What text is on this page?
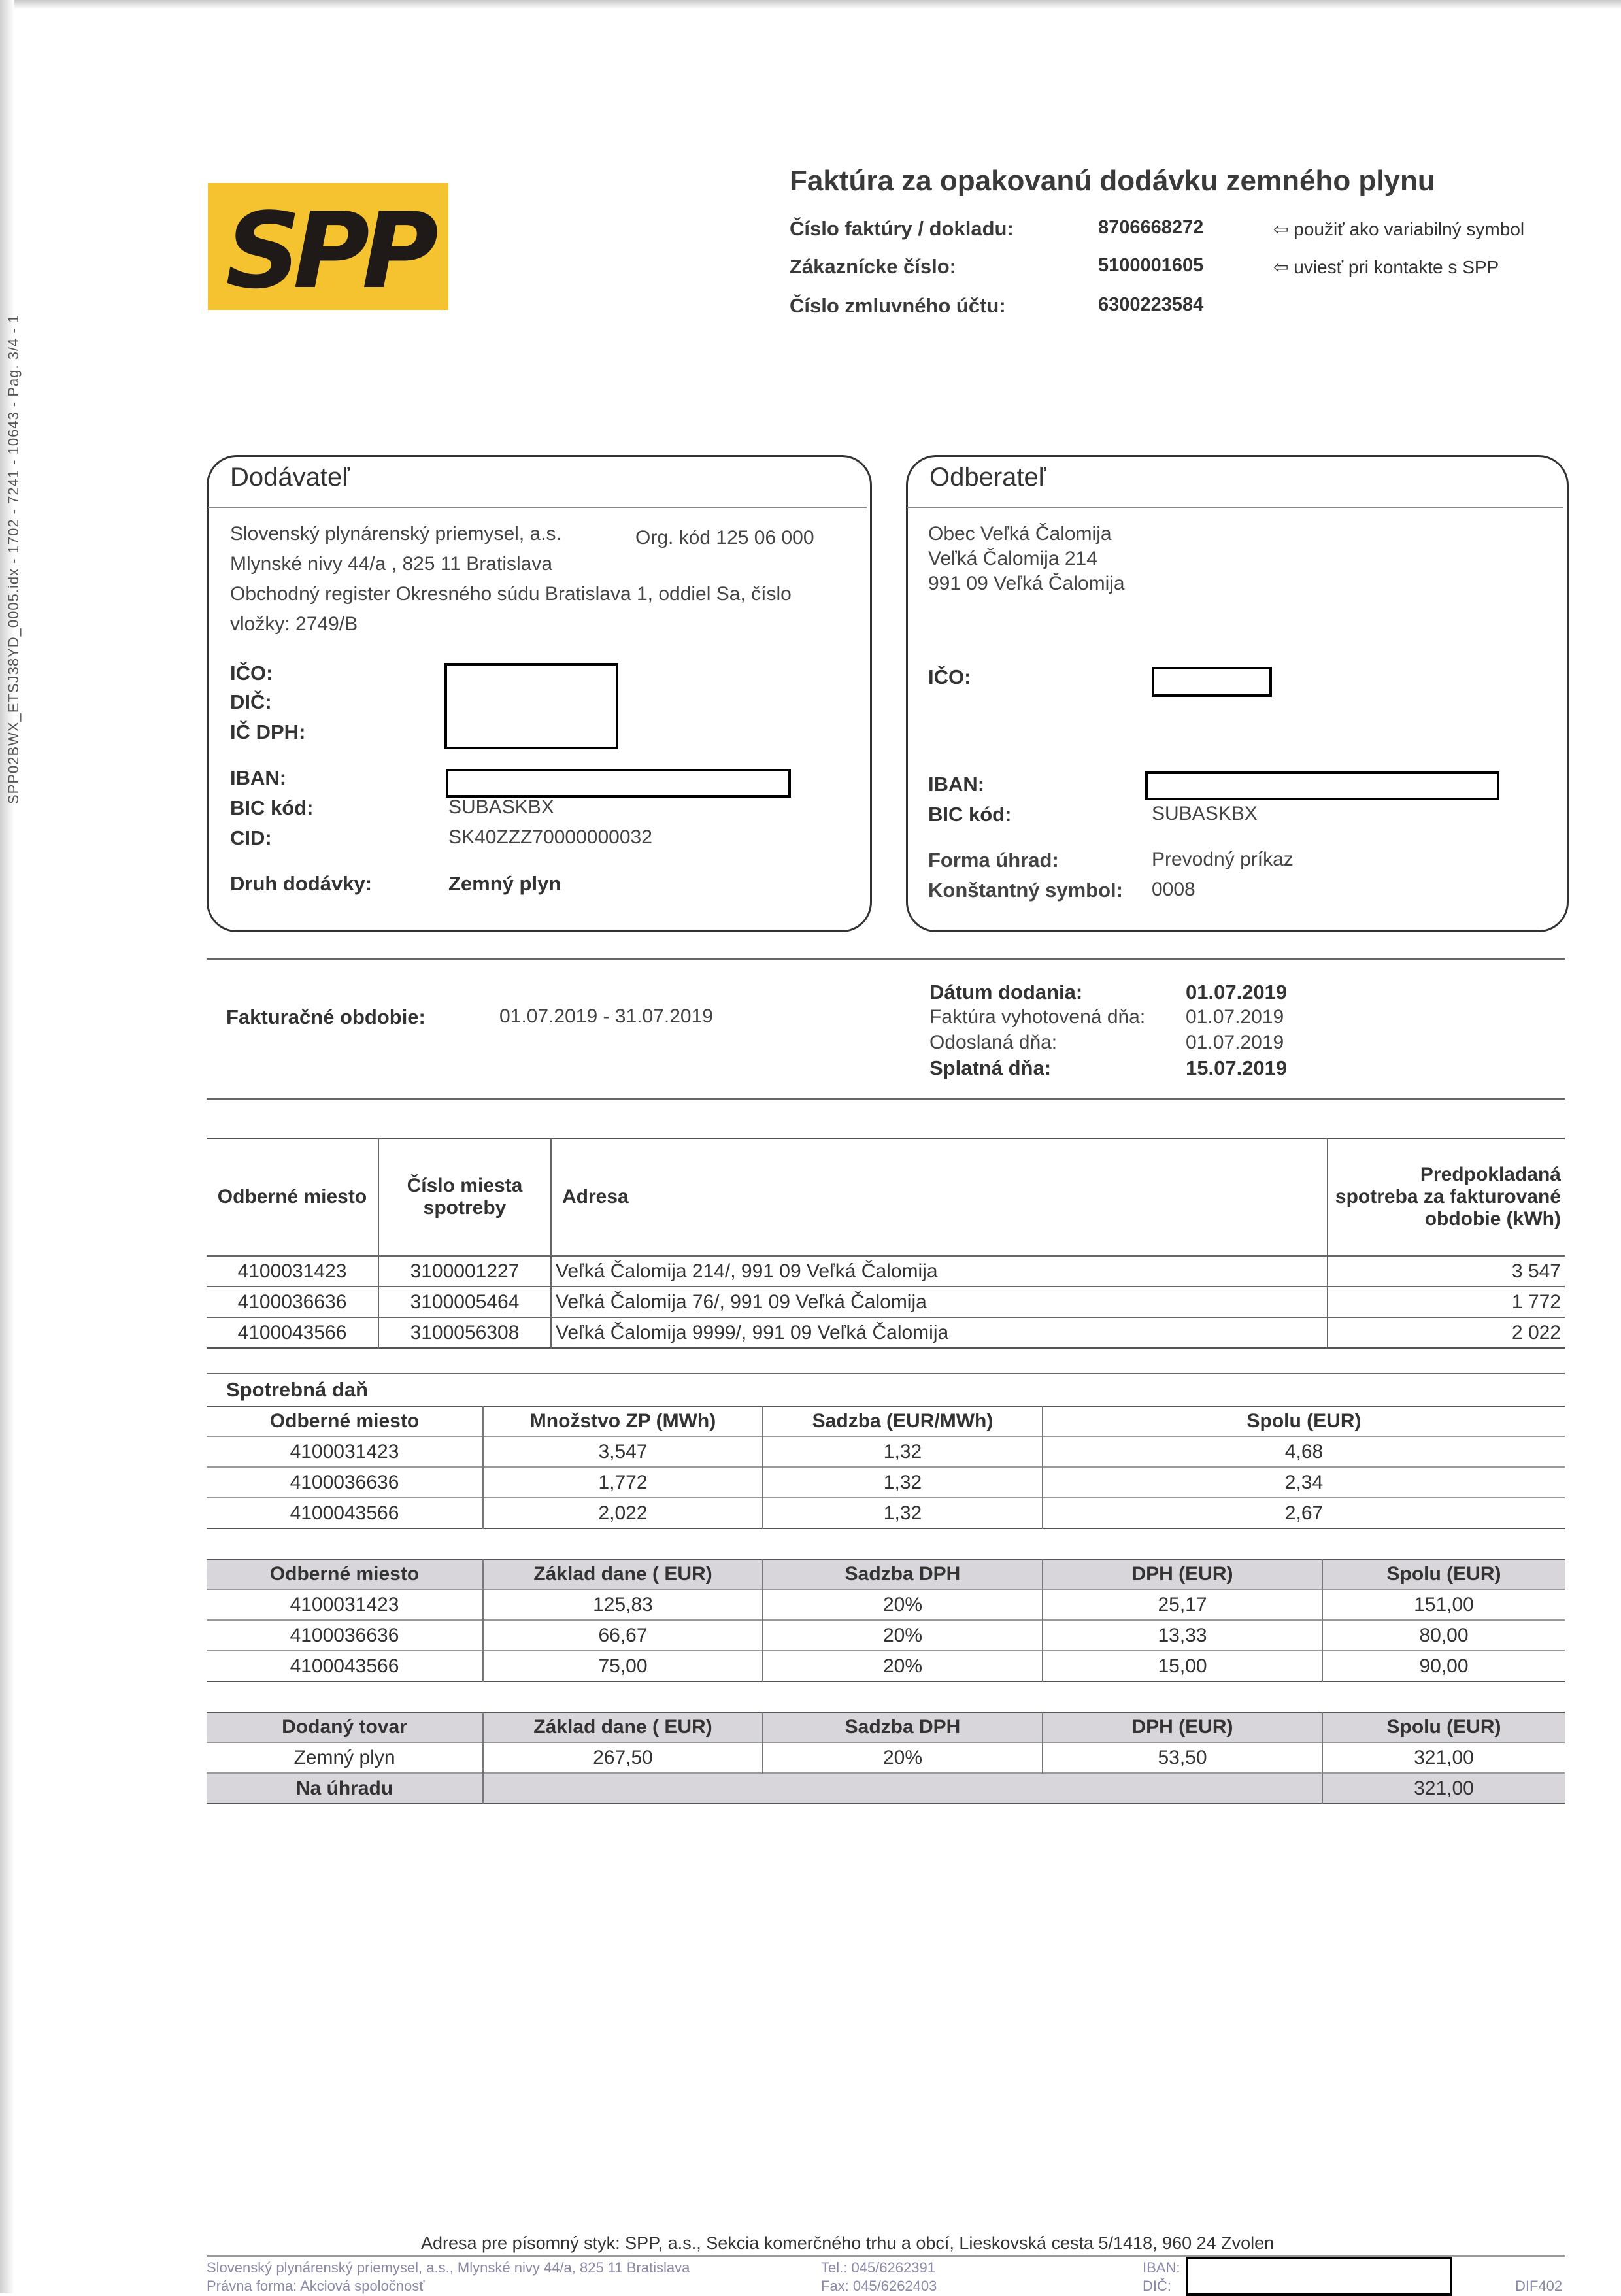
SPP02BWX_ETSJ38YD_0005.idx - 1702 - 7241 - 10643 - Pag. 3/4 - 1
SPP
Faktúra za opakovanú dodávku zemného plynu
Číslo faktúry / dokladu:	8706668272	⇦ použiť ako variabilný symbol
Zákaznícke číslo:	5100001605	⇦ uviesť pri kontakte s SPP
Číslo zmluvného účtu:	6300223584
Dodávateľ
Slovenský plynárenský priemysel, a.s.	Org. kód 125 06 000
Mlynské nivy 44/a , 825 11 Bratislava
Obchodný register Okresného súdu Bratislava 1, oddiel Sa, číslo
vložky: 2749/B
IČO:
DIČ:
IČ DPH:
IBAN:
BIC kód:	SUBASKBX
CID:	SK40ZZZ70000000032
Druh dodávky:	Zemný plyn
Odberateľ
Obec Veľká Čalomija
Veľká Čalomija 214
991 09 Veľká Čalomija
IČO:
IBAN:
BIC kód:	SUBASKBX
Forma úhrad:	Prevodný príkaz
Konštantný symbol: 0008
Fakturačné obdobie:	01.07.2019 - 31.07.2019
Dátum dodania:	01.07.2019
Faktúra vyhotovená dňa: 01.07.2019
Odoslaná dňa:	01.07.2019
Splatná dňa:	15.07.2019
Odberné miesto	Číslo miesta spotreby	Adresa	Predpokladaná spotreba za fakturované obdobie (kWh)
4100031423	3100001227	Veľká Čalomija 214/, 991 09 Veľká Čalomija	3 547
4100036636	3100005464	Veľká Čalomija 76/, 991 09 Veľká Čalomija	1 772
4100043566	3100056308	Veľká Čalomija 9999/, 991 09 Veľká Čalomija	2 022
Spotrebná daň
Odberné miesto	Množstvo ZP (MWh)	Sadzba (EUR/MWh)	Spolu (EUR)
4100031423	3,547	1,32	4,68
4100036636	1,772	1,32	2,34
4100043566	2,022	1,32	2,67
Odberné miesto	Základ dane ( EUR)	Sadzba DPH	DPH (EUR)	Spolu (EUR)
4100031423	125,83	20%	25,17	151,00
4100036636	66,67	20%	13,33	80,00
4100043566	75,00	20%	15,00	90,00
Dodaný tovar	Základ dane ( EUR)	Sadzba DPH	DPH (EUR)	Spolu (EUR)
Zemný plyn	267,50	20%	53,50	321,00
Na úhradu				321,00
Adresa pre písomný styk: SPP, a.s., Sekcia komerčného trhu a obcí, Lieskovská cesta 5/1418, 960 24 Zvolen
Slovenský plynárenský priemysel, a.s., Mlynské nivy 44/a, 825 11 Bratislava
Právna forma: Akciová spoločnosť
Tel.: 045/6262391
Fax: 045/6262403
IBAN:
DIČ:	DIF402
